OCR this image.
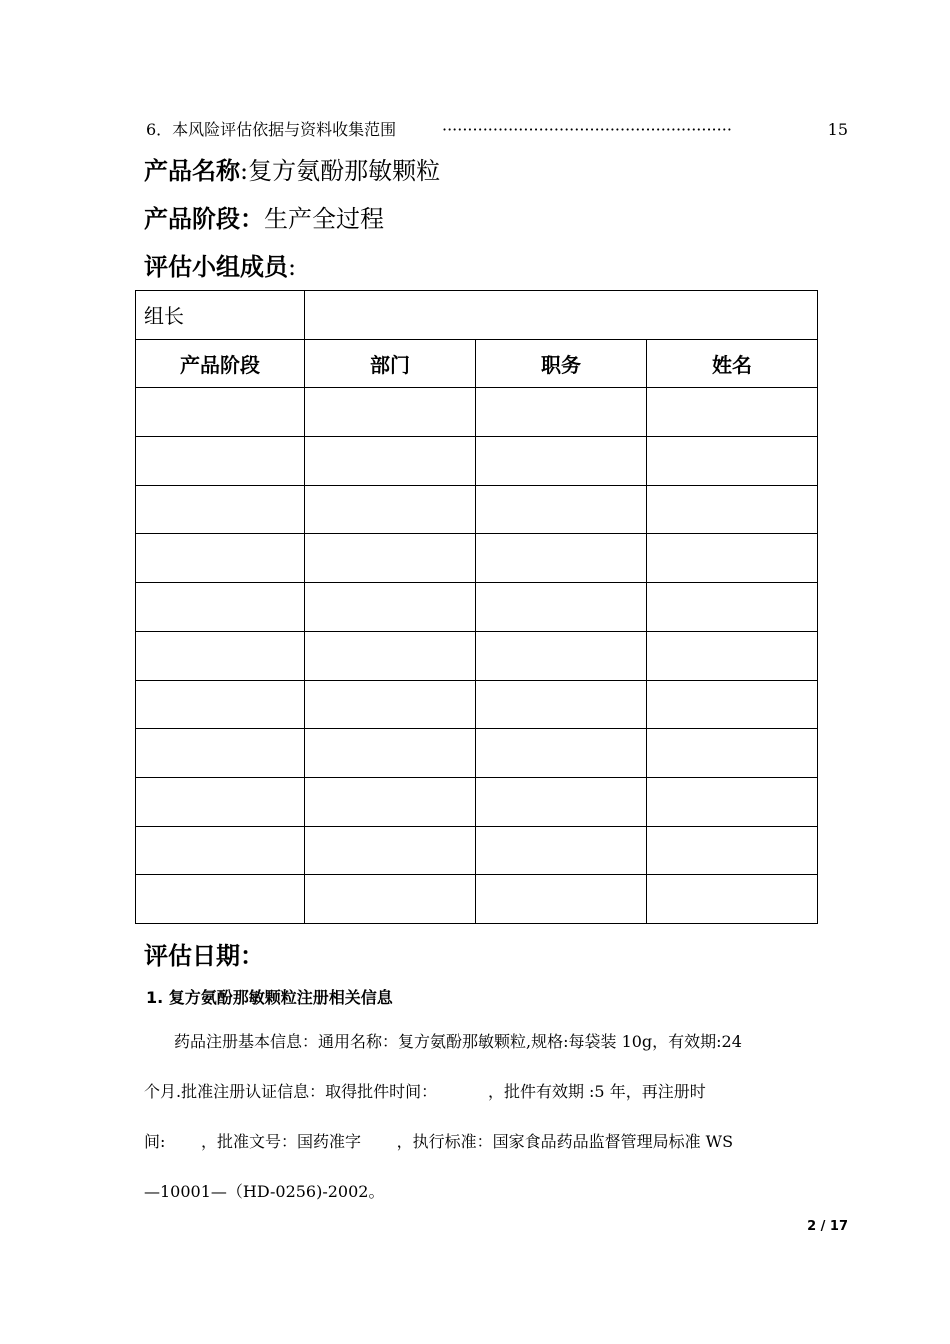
6．本风险评估依据与资料收集范围	·························································	15
产品名称:复方氨酚那敏颗粒
产品阶段：生产全过程
评估小组成员:
组长			
产品阶段	部门	职务	姓名

评估日期：
1. 复方氨酚那敏颗粒注册相关信息
药品注册基本信息：通用名称：复方氨酚那敏颗粒,规格:每袋装 10g，有效期:24
个月.批准注册认证信息：取得批件时间：          ，批件有效期 :5 年，再注册时
间:       ，批准文号：国药准字       ，执行标准：国家食品药品监督管理局标准 WS
—10001—（HD-0256)-2002。
2 / 17
